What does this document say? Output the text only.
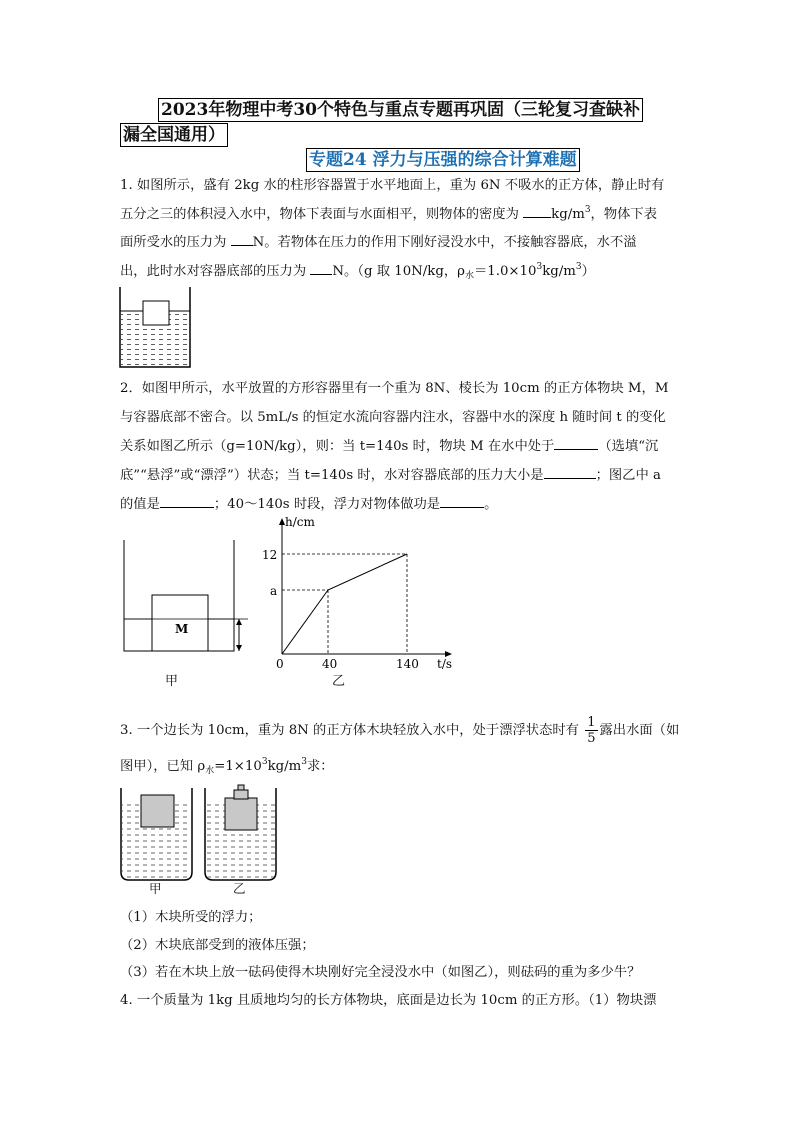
2023年物理中考30个特色与重点专题再巩固（三轮复习查缺补
漏全国通用）
专题24 浮力与压强的综合计算难题
1. 如图所示，盛有 2kg 水的柱形容器置于水平地面上，重为 6N 不吸水的正方体，静止时有
五分之三的体积浸入水中，物体下表面与水面相平，则物体的密度为 $kg/m^3$，物体下表
面所受水的压力为 N。若物体在压力的作用下刚好浸没水中，不接触容器底，水不溢
出，此时水对容器底部的压力为 N。（g 取 10N/kg，$\rho_水=1.0\times 10^3kg/m^3$）
2．如图甲所示，水平放置的方形容器里有一个重为 8N、棱长为 10cm 的正方体物块 M，M
与容器底部不密合。以 5mL/s 的恒定水流向容器内注水，容器中水的深度 h 随时间 t 的变化
关系如图乙所示（g=10N/kg），则：当 t=140s 时，物块 M 在水中处于	（选填“沉
底”“悬浮”或“漂浮”）状态；当 t=140s 时，水对容器底部的压力大小是	；图乙中 a
的值是	；40～140s 时段，浮力对物体做功是	。
M
甲
h/cm
t/s
0	40	140
a
12
乙
3. 一个边长为 10cm，重为 8N 的正方体木块轻放入水中，处于漂浮状态时有 $\frac{1}{5}$ 露出水面（如
图甲），已知 $\rho_水=1\times 10^3kg/m^3$求：
甲	乙
（1）木块所受的浮力；
（2）木块底部受到的液体压强；
（3）若在木块上放一砝码使得木块刚好完全浸没水中（如图乙），则砝码的重为多少牛？
4. 一个质量为 1kg 且质地均匀的长方体物块，底面是边长为 10cm 的正方形。（1）物块漂
